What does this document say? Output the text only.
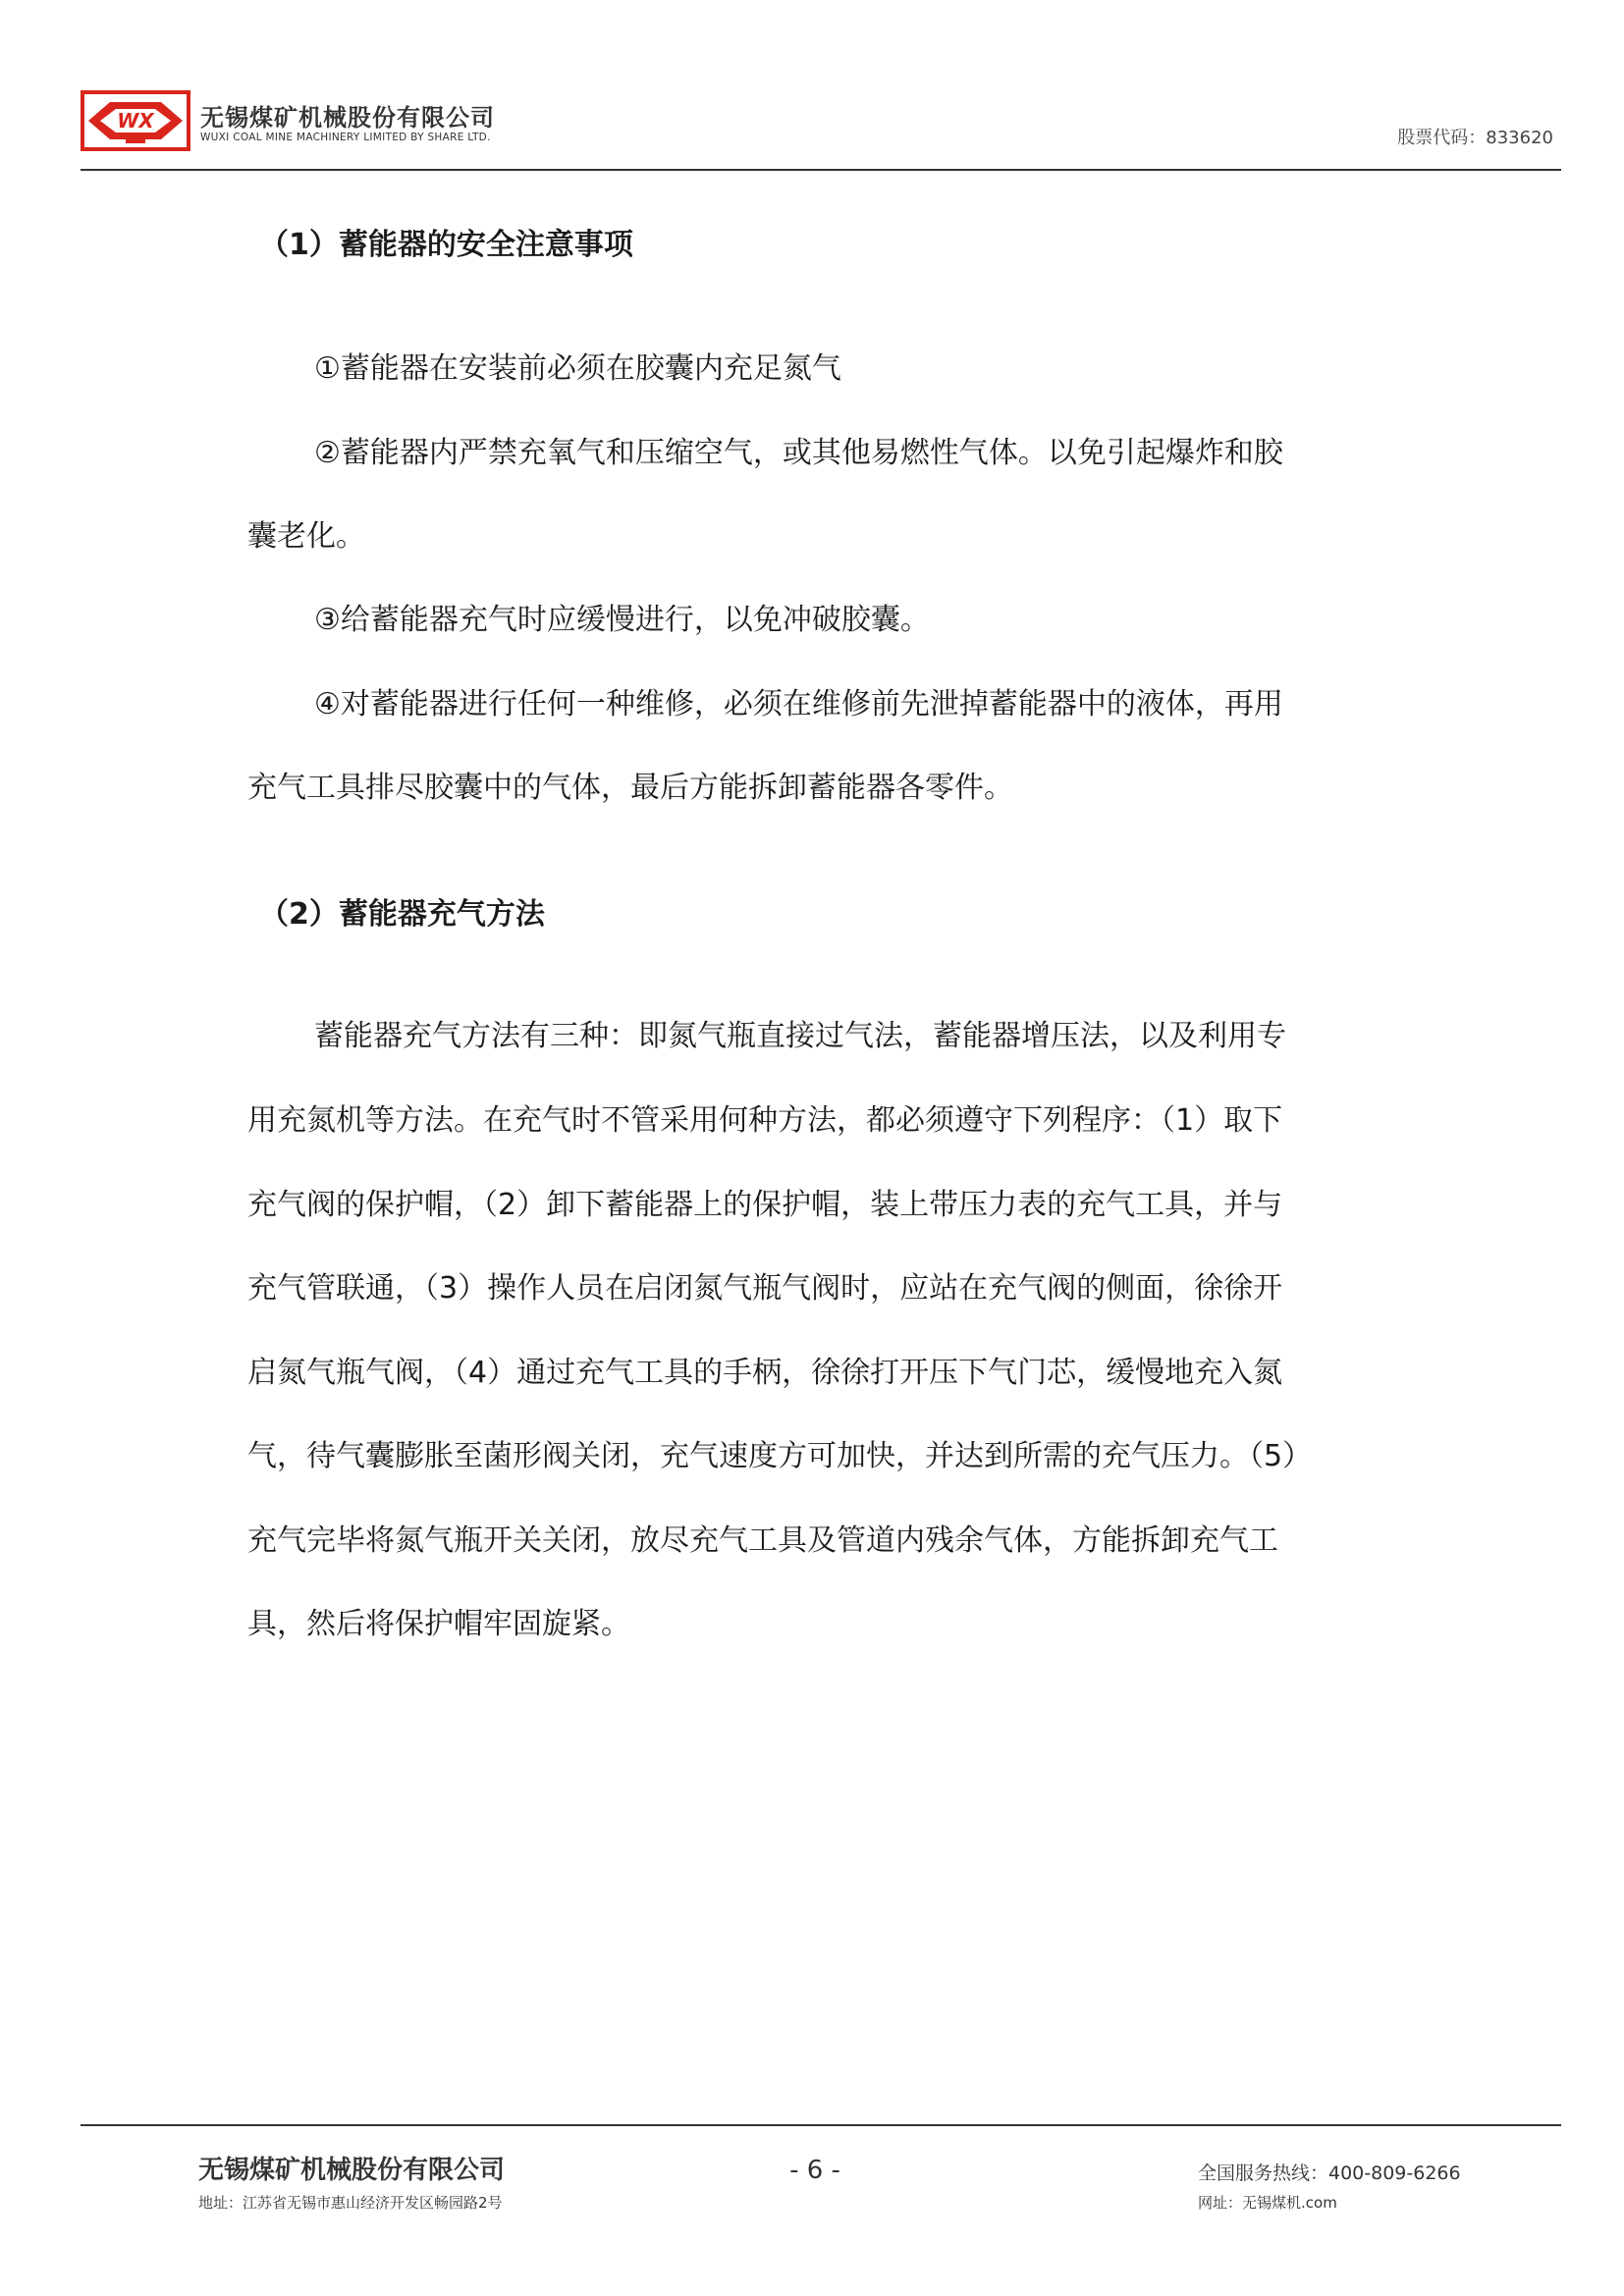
WX 无锡煤矿机械股份有限公司
WUXI COAL MINE MACHINERY LIMITED BY SHARE LTD.	股票代码：833620
（1）蓄能器的安全注意事项
①蓄能器在安装前必须在胶囊内充足氮气
②蓄能器内严禁充氧气和压缩空气，或其他易燃性气体。以免引起爆炸和胶
囊老化。
③给蓄能器充气时应缓慢进行，以免冲破胶囊。
④对蓄能器进行任何一种维修，必须在维修前先泄掉蓄能器中的液体，再用
充气工具排尽胶囊中的气体，最后方能拆卸蓄能器各零件。
（2）蓄能器充气方法
蓄能器充气方法有三种：即氮气瓶直接过气法，蓄能器增压法，以及利用专
用充氮机等方法。在充气时不管采用何种方法，都必须遵守下列程序：（1）取下
充气阀的保护帽，（2）卸下蓄能器上的保护帽，装上带压力表的充气工具，并与
充气管联通，（3）操作人员在启闭氮气瓶气阀时，应站在充气阀的侧面，徐徐开
启氮气瓶气阀，（4）通过充气工具的手柄，徐徐打开压下气门芯，缓慢地充入氮
气，待气囊膨胀至菌形阀关闭，充气速度方可加快，并达到所需的充气压力。（5）
充气完毕将氮气瓶开关关闭，放尽充气工具及管道内残余气体，方能拆卸充气工
具，然后将保护帽牢固旋紧。
无锡煤矿机械股份有限公司
地址：江苏省无锡市惠山经济开发区畅园路2号
- 6 -	全国服务热线：400-809-6266
网址：无锡煤机.com
